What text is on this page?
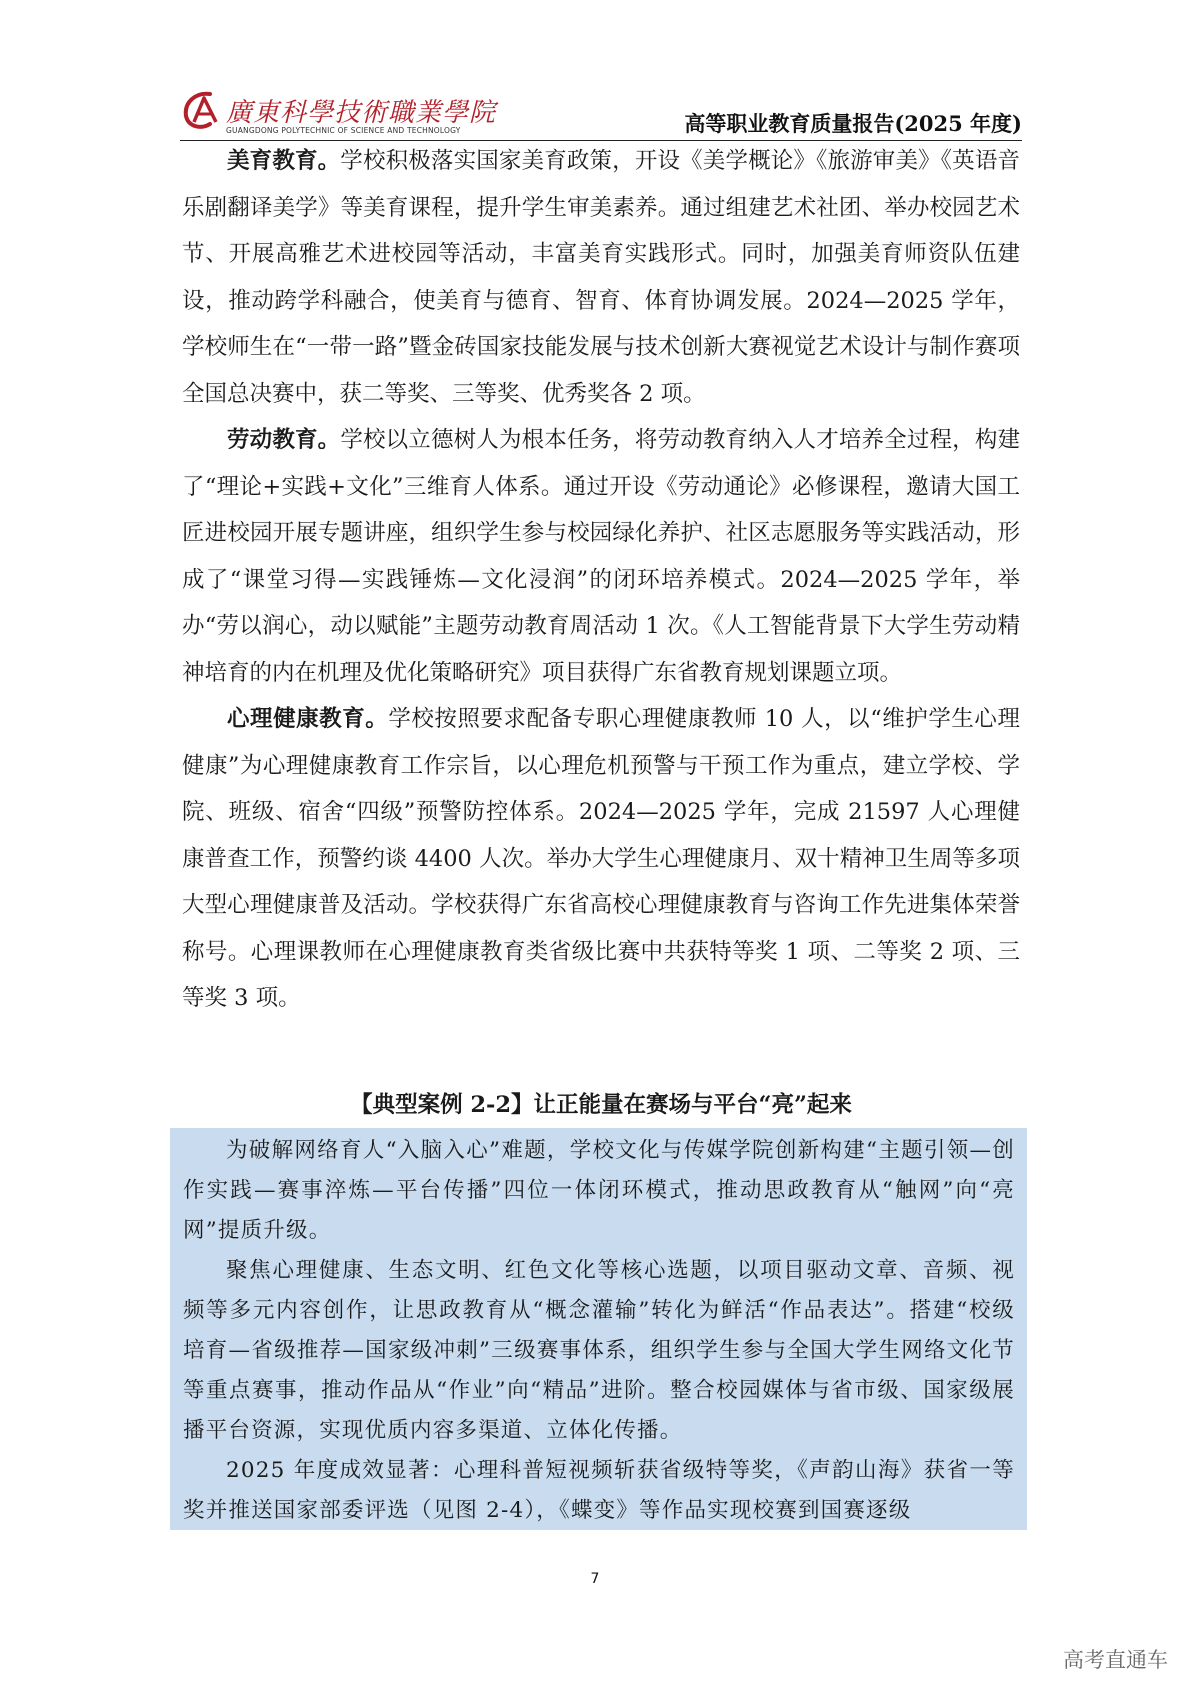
廣東科學技術職業學院
GUANGDONG POLYTECHNIC OF SCIENCE AND TECHNOLOGY	高等职业教育质量报告(2025 年度)

美育教育。学校积极落实国家美育政策，开设《美学概论》《旅游审美》《英语音乐剧翻译美学》等美育课程，提升学生审美素养。通过组建艺术社团、举办校园艺术节、开展高雅艺术进校园等活动，丰富美育实践形式。同时，加强美育师资队伍建设，推动跨学科融合，使美育与德育、智育、体育协调发展。2024—2025 学年，学校师生在“一带一路”暨金砖国家技能发展与技术创新大赛视觉艺术设计与制作赛项全国总决赛中，获二等奖、三等奖、优秀奖各 2 项。

劳动教育。学校以立德树人为根本任务，将劳动教育纳入人才培养全过程，构建了“理论+实践+文化”三维育人体系。通过开设《劳动通论》必修课程，邀请大国工匠进校园开展专题讲座，组织学生参与校园绿化养护、社区志愿服务等实践活动，形成了“课堂习得—实践锤炼—文化浸润”的闭环培养模式。2024—2025 学年，举办“劳以润心，动以赋能”主题劳动教育周活动 1 次。《人工智能背景下大学生劳动精神培育的内在机理及优化策略研究》项目获得广东省教育规划课题立项。

心理健康教育。学校按照要求配备专职心理健康教师 10 人，以“维护学生心理健康”为心理健康教育工作宗旨，以心理危机预警与干预工作为重点，建立学校、学院、班级、宿舍“四级”预警防控体系。2024—2025 学年，完成 21597 人心理健康普查工作，预警约谈 4400 人次。举办大学生心理健康月、双十精神卫生周等多项大型心理健康普及活动。学校获得广东省高校心理健康教育与咨询工作先进集体荣誉称号。心理课教师在心理健康教育类省级比赛中共获特等奖 1 项、二等奖 2 项、三等奖 3 项。

【典型案例 2-2】让正能量在赛场与平台“亮”起来

为破解网络育人“入脑入心”难题，学校文化与传媒学院创新构建“主题引领—创作实践—赛事淬炼—平台传播”四位一体闭环模式，推动思政教育从“触网”向“亮网”提质升级。

聚焦心理健康、生态文明、红色文化等核心选题，以项目驱动文章、音频、视频等多元内容创作，让思政教育从“概念灌输”转化为鲜活“作品表达”。搭建“校级培育—省级推荐—国家级冲刺”三级赛事体系，组织学生参与全国大学生网络文化节等重点赛事，推动作品从“作业”向“精品”进阶。整合校园媒体与省市级、国家级展播平台资源，实现优质内容多渠道、立体化传播。

2025 年度成效显著：心理科普短视频斩获省级特等奖，《声韵山海》获省一等奖并推送国家部委评选（见图 2-4），《蝶变》等作品实现校赛到国赛逐级

7
高考直通车
